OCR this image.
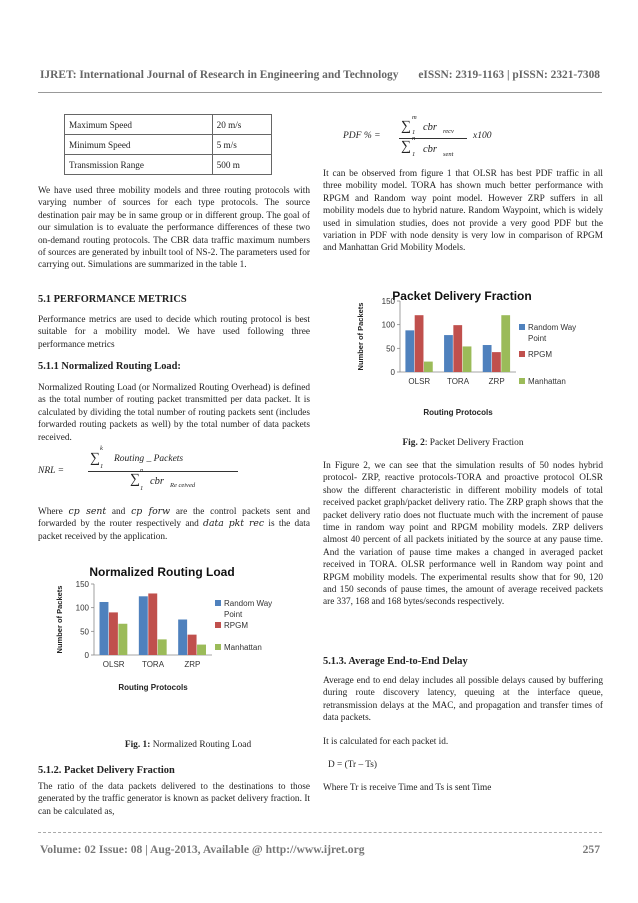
IJRET: International Journal of Research in Engineering and Technology eISSN: 2319-1163 | pISSN: 2321-7308
Maximum Speed	20 m/s
Minimum Speed	5 m/s
Transmission Range	500 m

We have used three mobility models and three routing protocols with varying number of sources for each type protocols. The source destination pair may be in same group or in different group. The goal of our simulation is to evaluate the performance differences of these two on-demand routing protocols. The CBR data traffic maximum numbers of sources are generated by inbuilt tool of NS-2. The parameters used for carrying out. Simulations are summarized in the table 1.

5.1 PERFORMANCE METRICS

Performance metrics are used to decide which routing protocol is best suitable for a mobility model. We have used following three performance metrics

5.1.1 Normalized Routing Load:

Normalized Routing Load (or Normalized Routing Overhead) is defined as the total number of routing packet transmitted per data packet. It is calculated by dividing the total number of routing packets sent (includes forwarded routing packets as well) by the total number of data packets received.

NRL =
∑
k
1
Routing _ Packets
∑
n
1
cbr Re ceived

Where cp sent and cp forw are the control packets sent and forwarded by the router respectively and data pkt rec is the data packet received by the application.

Normalized Routing Load
Number of Packets
0
50
100
150
OLSR TORA	ZRP
Routing Protocols
Random Way
Point
RPGM
Manhattan
Fig. 1: Normalized Routing Load
5.1.2. Packet Delivery Fraction

The ratio of the data packets delivered to the destinations to those generated by the traffic generator is known as packet delivery fraction. It can be calculated as,

PDF % =
∑
m
1 cbr recv x100
∑
n
1 cbr sent

It can be observed from figure 1 that OLSR has best PDF traffic in all three mobility model. TORA has shown much better performance with RPGM and Random way point model. However ZRP suffers in all mobility models due to hybrid nature. Random Waypoint, which is widely used in simulation studies, does not provide a very good PDF but the variation in PDF with node density is very low in comparison of RPGM and Manhattan Grid Mobility Models.

Packet Delivery Fraction
Number of Packets
0
50
100
150
OLSR TORA ZRP
Routing Protocols
Random Way
Point
RPGM
Manhattan
Fig. 2: Packet Delivery Fraction

In Figure 2, we can see that the simulation results of 50 nodes hybrid protocol- ZRP, reactive protocols-TORA and proactive protocol OLSR show the different characteristic in different mobility models of total received packet graph/packet delivery ratio. The ZRP graph shows that the packet delivery ratio does not fluctuate much with the increment of pause time in random way point and RPGM mobility models. ZRP delivers almost 40 percent of all packets initiated by the source at any pause time. And the variation of pause time makes a changed in averaged packet received in TORA. OLSR performance well in Random way point and RPGM mobility models. The experimental results show that for 90, 120 and 150 seconds of pause times, the amount of average received packets are 337, 168 and 168 bytes/seconds respectively.

5.1.3. Average End-to-End Delay

Average end to end delay includes all possible delays caused by buffering during route discovery latency, queuing at the interface queue, retransmission delays at the MAC, and propagation and transfer times of data packets.

It is calculated for each packet id.

D = (Tr – Ts)

Where Tr is receive Time and Ts is sent Time

Volume: 02 Issue: 08 | Aug-2013, Available @ http://www.ijret.org	257
